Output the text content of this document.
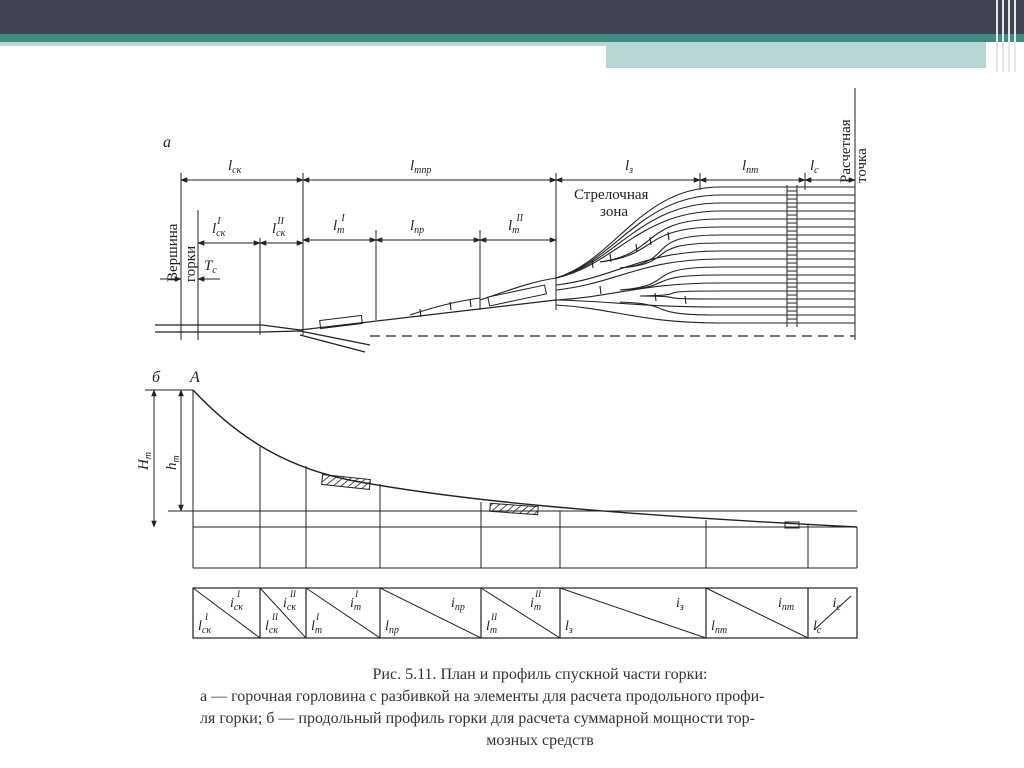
а
Вершина горки
Расчетная точка
$l_{ск}$	$l_{тпр}$	$l_з$	$l_{пт}$	$l_с$
$l_{ск}I$	$l_{ск}II$	$l_тI$	$l_{пр}$	$l_тII$
$T_с$
Стрелочная
зона
б A
$H_т$
$h_т$
$i_{ск}I$
$l_{ск}I$
$i_{ск}II$
$l_{ск}II$
$i_тI$
$l_тI$
$i_{пр}$
$l_{пр}$
$i_тII$
$l_тII$
$i_з$
$l_з$
$i_{пт}$
$l_{пт}$
$i_с$
$l_с$
Рис. 5.11. План и профиль спускной части горки:
а — горочная горловина с разбивкой на элементы для расчета продольного профи-
ля горки; б — продольный профиль горки для расчета суммарной мощности тор-
мозных средств
